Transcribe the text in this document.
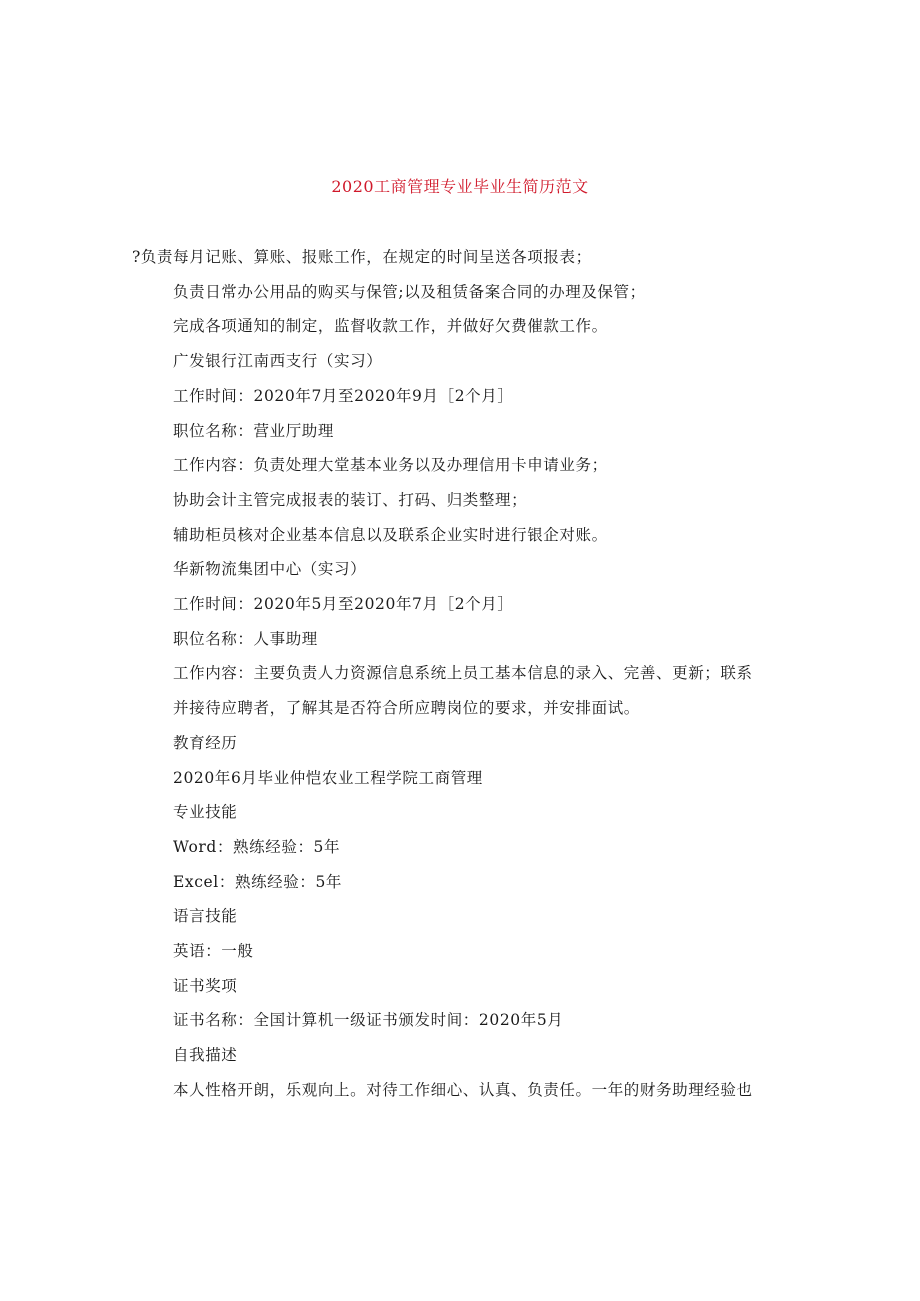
2020工商管理专业毕业生简历范文
?负责每月记账、算账、报账工作，在规定的时间呈送各项报表；
负责日常办公用品的购买与保管;以及租赁备案合同的办理及保管；
完成各项通知的制定，监督收款工作，并做好欠费催款工作。
广发银行江南西支行（实习）
工作时间：2020年7月至2020年9月［2个月］
职位名称：营业厅助理
工作内容：负责处理大堂基本业务以及办理信用卡申请业务；
协助会计主管完成报表的装订、打码、归类整理；
辅助柜员核对企业基本信息以及联系企业实时进行银企对账。
华新物流集团中心（实习）
工作时间：2020年5月至2020年7月［2个月］
职位名称：人事助理
工作内容：主要负责人力资源信息系统上员工基本信息的录入、完善、更新；联系
并接待应聘者，了解其是否符合所应聘岗位的要求，并安排面试。
教育经历
2020年6月毕业仲恺农业工程学院工商管理
专业技能
Word：熟练经验：5年
Excel：熟练经验：5年
语言技能
英语：一般
证书奖项
证书名称：全国计算机一级证书颁发时间：2020年5月
自我描述
本人性格开朗，乐观向上。对待工作细心、认真、负责任。一年的财务助理经验也
